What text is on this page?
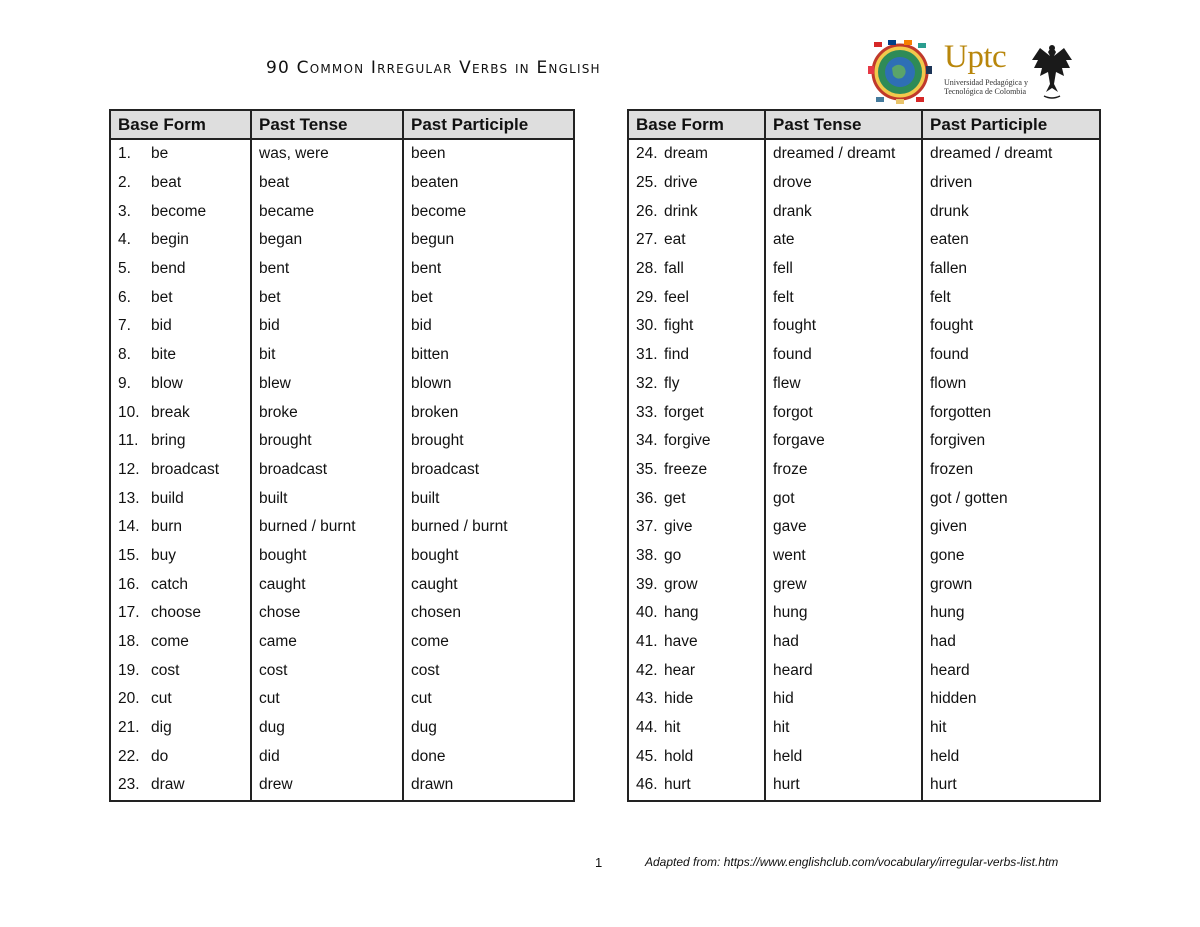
90 Common Irregular Verbs in English	Uptc
Universidad Pedagógica y
Tecnológica de Colombia
Base Form	Past Tense	Past Participle
1. be	was, were	been
2. beat	beat	beaten
3. become	became	become
4. begin	began	begun
5. bend	bent	bent
6. bet	bet	bet
7. bid	bid	bid
8. bite	bit	bitten
9. blow	blew	blown
10. break	broke	broken
11. bring	brought	brought
12. broadcast	broadcast	broadcast
13. build	built	built
14. burn	burned / burnt	burned / burnt
15. buy	bought	bought
16. catch	caught	caught
17. choose	chose	chosen
18. come	came	come
19. cost	cost	cost
20. cut	cut	cut
21. dig	dug	dug
22. do	did	done
23. draw	drew	drawn
Base Form	Past Tense	Past Participle
24. dream	dreamed / dreamt	dreamed / dreamt
25. drive	drove	driven
26. drink	drank	drunk
27. eat	ate	eaten
28. fall	fell	fallen
29. feel	felt	felt
30. fight	fought	fought
31. find	found	found
32. fly	flew	flown
33. forget	forgot	forgotten
34. forgive	forgave	forgiven
35. freeze	froze	frozen
36. get	got	got / gotten
37. give	gave	given
38. go	went	gone
39. grow	grew	grown
40. hang	hung	hung
41. have	had	had
42. hear	heard	heard
43. hide	hid	hidden
44. hit	hit	hit
45. hold	held	held
46. hurt	hurt	hurt
1	Adapted from: https://www.englishclub.com/vocabulary/irregular-verbs-list.htm
